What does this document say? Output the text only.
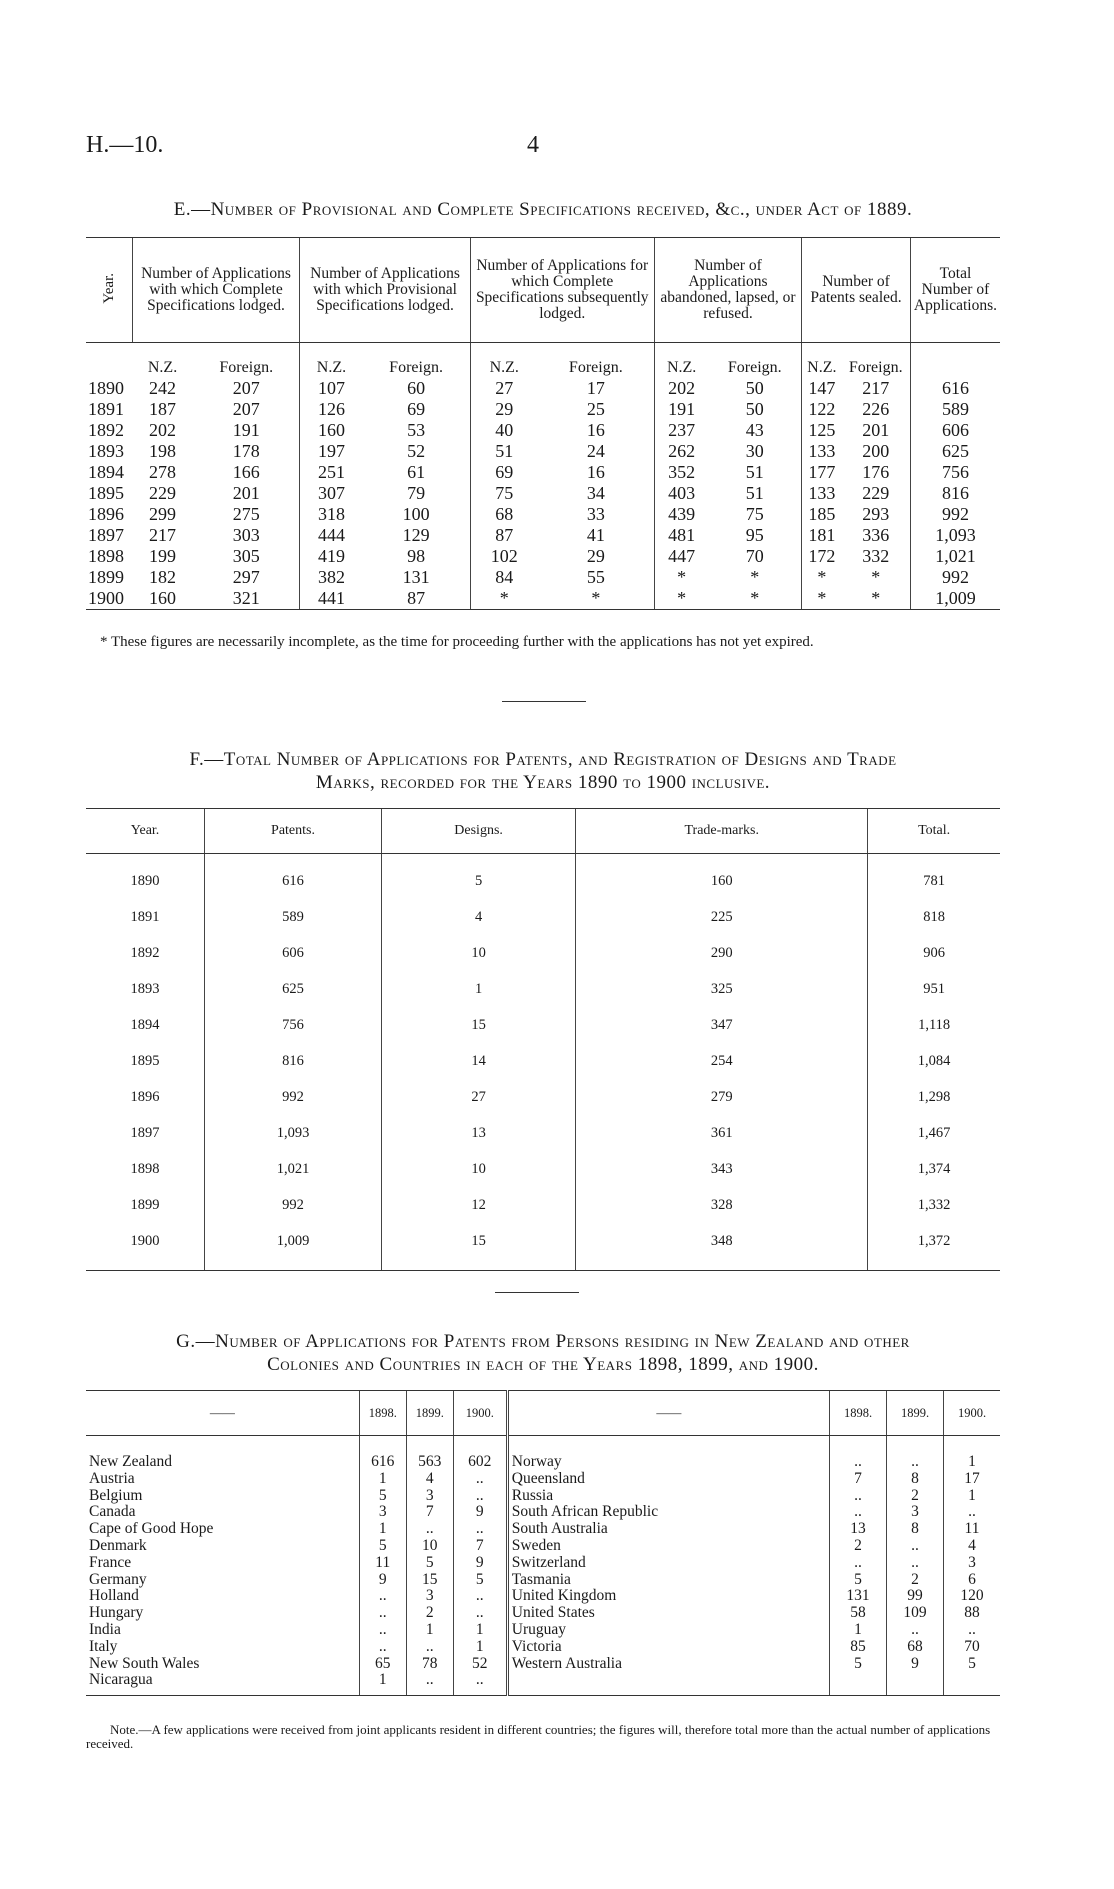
H.—10.	4
E.—Number of Provisional and Complete Specifications received, &c., under Act of 1889.
Year.	Number of Applications with which Complete Specifications lodged.		Number of Applications with which Provisional Specifications lodged.		Number of Applications for which Complete Specifications subsequently lodged.		Number of Applications abandoned, lapsed, or refused.		Number of Patents sealed.		Total Number of Applications.
	N.Z.	Foreign.	N.Z.	Foreign.	N.Z.	Foreign.	N.Z.	Foreign.	N.Z.	Foreign.	
1890	242	207	107	60	27	17	202	50	147	217	616
1891	187	207	126	69	29	25	191	50	122	226	589
1892	202	191	160	53	40	16	237	43	125	201	606
1893	198	178	197	52	51	24	262	30	133	200	625
1894	278	166	251	61	69	16	352	51	177	176	756
1895	229	201	307	79	75	34	403	51	133	229	816
1896	299	275	318	100	68	33	439	75	185	293	992
1897	217	303	444	129	87	41	481	95	181	336	1,093
1898	199	305	419	98	102	29	447	70	172	332	1,021
1899	182	297	382	131	84	55	*	*	*	*	992
1900	160	321	441	87	*	*	*	*	*	*	1,009
* These figures are necessarily incomplete, as the time for proceeding further with the applications has not yet expired.
F.—Total Number of Applications for Patents, and Registration of Designs and Trade
Marks, recorded for the Years 1890 to 1900 inclusive.
Year.	Patents.	Designs.	Trade-marks.	Total.
1890	616	5	160	781
1891	589	4	225	818
1892	606	10	290	906
1893	625	1	325	951
1894	756	15	347	1,118
1895	816	14	254	1,084
1896	992	27	279	1,298
1897	1,093	13	361	1,467
1898	1,021	10	343	1,374
1899	992	12	328	1,332
1900	1,009	15	348	1,372
G.—Number of Applications for Patents from Persons residing in New Zealand and other
Colonies and Countries in each of the Years 1898, 1899, and 1900.
——	1898.	1899.	1900.	——	1898.	1899.	1900.
New Zealand	616	563	602	Norway	..	..	1
Austria	1	4	..	Queensland	7	8	17
Belgium	5	3	..	Russia	..	2	1
Canada	3	7	9	South African Republic	..	3	..
Cape of Good Hope	1	..	..	South Australia	13	8	11
Denmark	5	10	7	Sweden	2	..	4
France	11	5	9	Switzerland	..	..	3
Germany	9	15	5	Tasmania	5	2	6
Holland	..	3	..	United Kingdom	131	99	120
Hungary	..	2	..	United States	58	109	88
India	..	1	1	Uruguay	1	..	..
Italy	..	..	1	Victoria	85	68	70
New South Wales	65	78	52	Western Australia	5	9	5
Nicaragua	1	..	..				
Note.—A few applications were received from joint applicants resident in different countries; the figures will, therefore total more than the actual number of applications received.
